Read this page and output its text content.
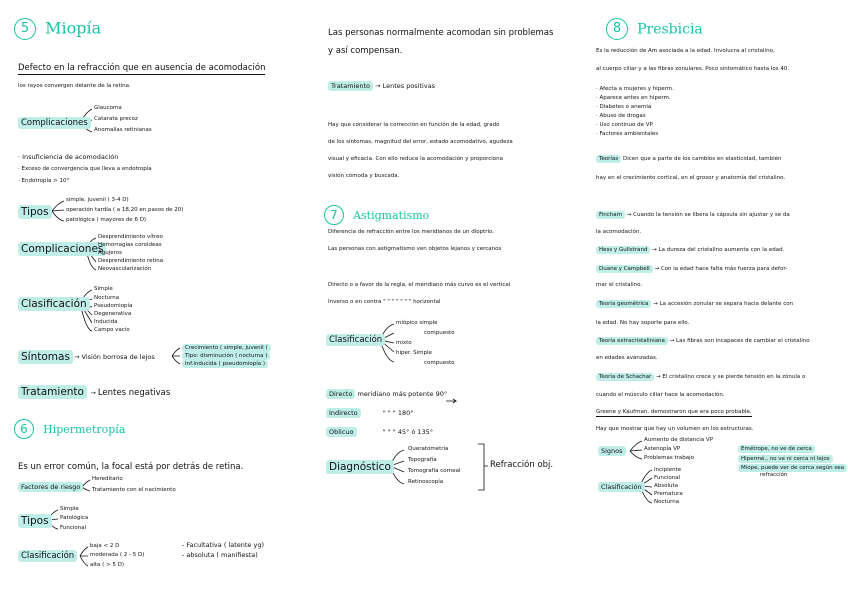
5 Miopía
Defecto en la refracción que en ausencia de acomodación
los rayos convergen delante de la retina.
Complicaciones
Glaucoma
Catarata precoz
Anomalías retinianas
· Insuficiencia de acomodación
· Exceso de convergencia que lleva a endotropía
· Endotropía > 10°
Tipos
simple, juvenil ( 3-4 D)
operación tardía ( a 18,20 en pasos de 20)
patológica ( mayores de 6 D)
Complicaciones
Desprendimiento vítreo
Hemorragias coroideas
Agujeros
Desprendimiento retina
Neovascularización
Clasificación
Simple
Nocturna
Pseudomiopía
Degenerativa
Inducida
Campo vacío
Síntomas → Visión borrosa de lejos
Crecimiento ( simple, juvenil )
Tipo: disminución ( nocturna )
Inf.inducida ( pseudomiopía )
Tratamiento → Lentes negativas
6 Hipermetropía
Es un error común, la focal está por detrás de retina.
Factores de riesgo
Hereditario
Tratamiento con el nacimiento
Tipos
Simple
Patológica
Funcional
Clasificación
baja < 2 D
moderada ( 2 - 5 D)
alta ( > 5 D)
- Facultativa ( latente yg)
- absoluta ( manifiesta)
Las personas normalmente acomodan sin problemas
y así compensan.
Tratamiento → Lentes positivas
Hay que considerar la corrección en función de la edad, grado
de los síntomas, magnitud del error, estado acomodativo, agudeza
visual y eficacia. Con ello reduce la acomodación y proporciona
visión cómoda y buscada.
7 Astigmatismo
Diferencia de refracción entre los meridianos de un dioptrio.
Las personas con astigmatismo ven objetos lejanos y cercanos
Directo o a favor de la regla, el meridiano más curvo es el vertical
Inverso o en contra " " " " " " " horizontal
Clasificación
miópico simple
compuesto
mixto
hiper. Simple
compuesto
Directo meridiano más potente 90°
Indirecto	" " " 180°
Oblicuo	" " " 45° ó 135°
Diagnóstico
Queratometría
Topografía
Tomografía corneal
Retinoscopía
Refracción obj.
8 Presbicia
Es la reducción de Am asociada a la edad. Involucra al cristalino,
al cuerpo ciliar y a las fibras zonulares. Poco sintomático hasta los 40.
· Afecta a mujeres y hiperm.
· Aparece antes en hiperm.
· Diabetes o anemia
· Abuso de drogas
· Uso continuo de VP
· Factores ambientales
Teorías Dicen que a parte de los cambios en elasticidad, también
hay en el crecimiento cortical, en el grosor y anatomía del cristalino.
Fincham → Cuando la tensión se libera la cápsula sin ajustar y se da
la acomodación.
Hess y Gullstrand → La dureza del cristalino aumenta con la edad.
Duane y Campbell → Con la edad hace falta más fuerza para defor-
mar el cristalino.
Teoría geométrica → La accesión zonular se separa hacia delante con
la edad. No hay soporte para ello.
Teoría extracristaliniana → Las fibras son incapaces de cambiar el cristalino
en edades avanzadas.
Teoría de Schachar → El cristalino crece y se pierde tensión en la zónula o
cuando el músculo ciliar hace la acomodación.
Greene y Kaufman, demostraron que era poco probable.
Hay que mostrar que hay un volumen en los estructuras.
Signos
Aumento de distancia VP
Astenopía VP
Problemas trabajo
Emétrope, no ve de cerca
Hipermé., no ve ni cerca ni lejos
Miope, puede ver de cerca según sea
refracción
Clasificación
Incipiente
Funcional
Absoluta
Prematura
Nocturna
